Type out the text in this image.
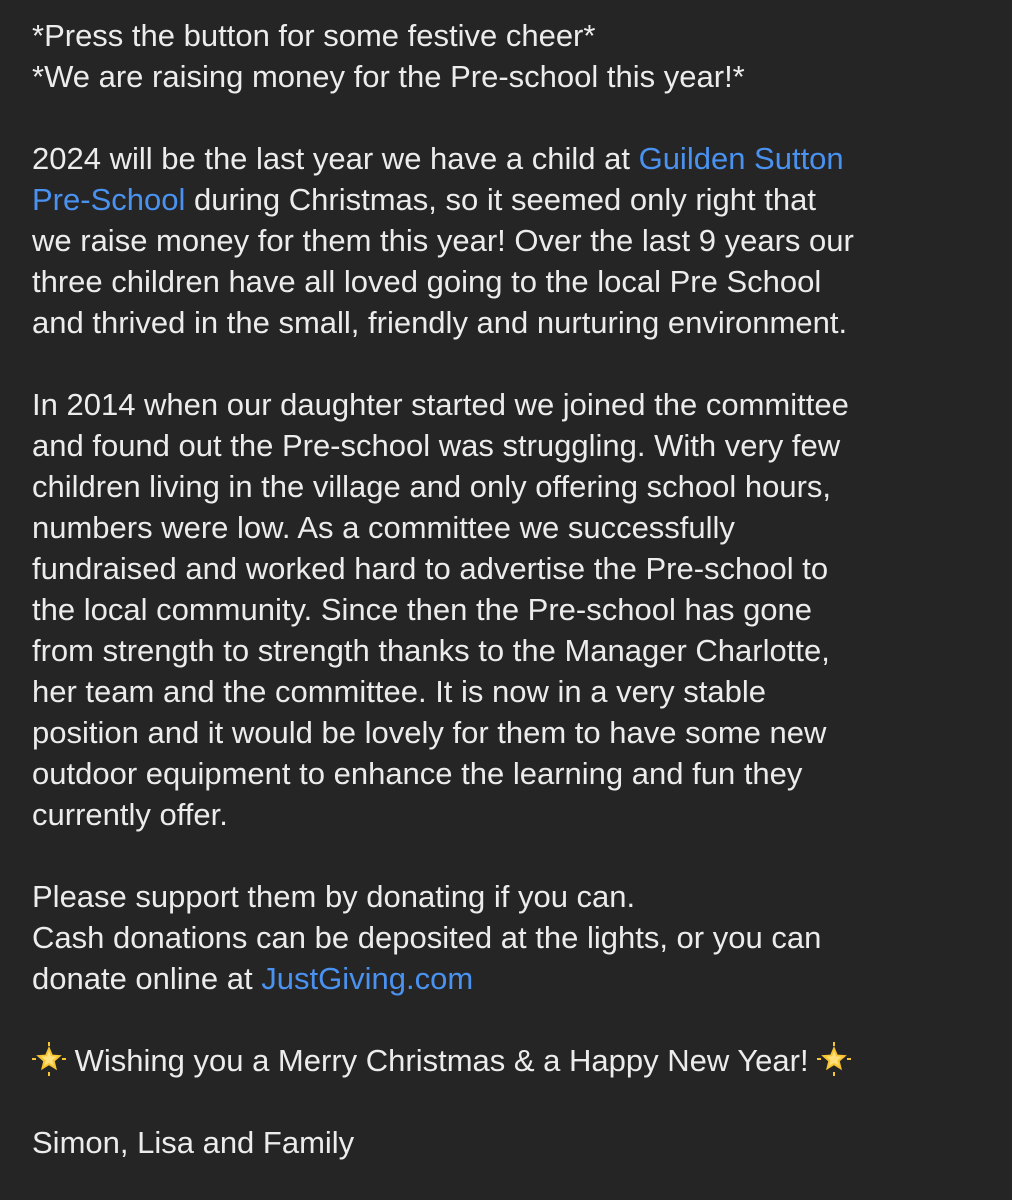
*Press the button for some festive cheer*
*We are raising money for the Pre-school this year!*
2024 will be the last year we have a child at Guilden Sutton
Pre-School during Christmas, so it seemed only right that
we raise money for them this year! Over the last 9 years our
three children have all loved going to the local Pre School
and thrived in the small, friendly and nurturing environment.
In 2014 when our daughter started we joined the committee
and found out the Pre-school was struggling. With very few
children living in the village and only offering school hours,
numbers were low. As a committee we successfully
fundraised and worked hard to advertise the Pre-school to
the local community. Since then the Pre-school has gone
from strength to strength thanks to the Manager Charlotte,
her team and the committee. It is now in a very stable
position and it would be lovely for them to have some new
outdoor equipment to enhance the learning and fun they
currently offer.
Please support them by donating if you can.
Cash donations can be deposited at the lights, or you can
donate online at JustGiving.com
Wishing you a Merry Christmas & a Happy New Year!
Simon, Lisa and Family
